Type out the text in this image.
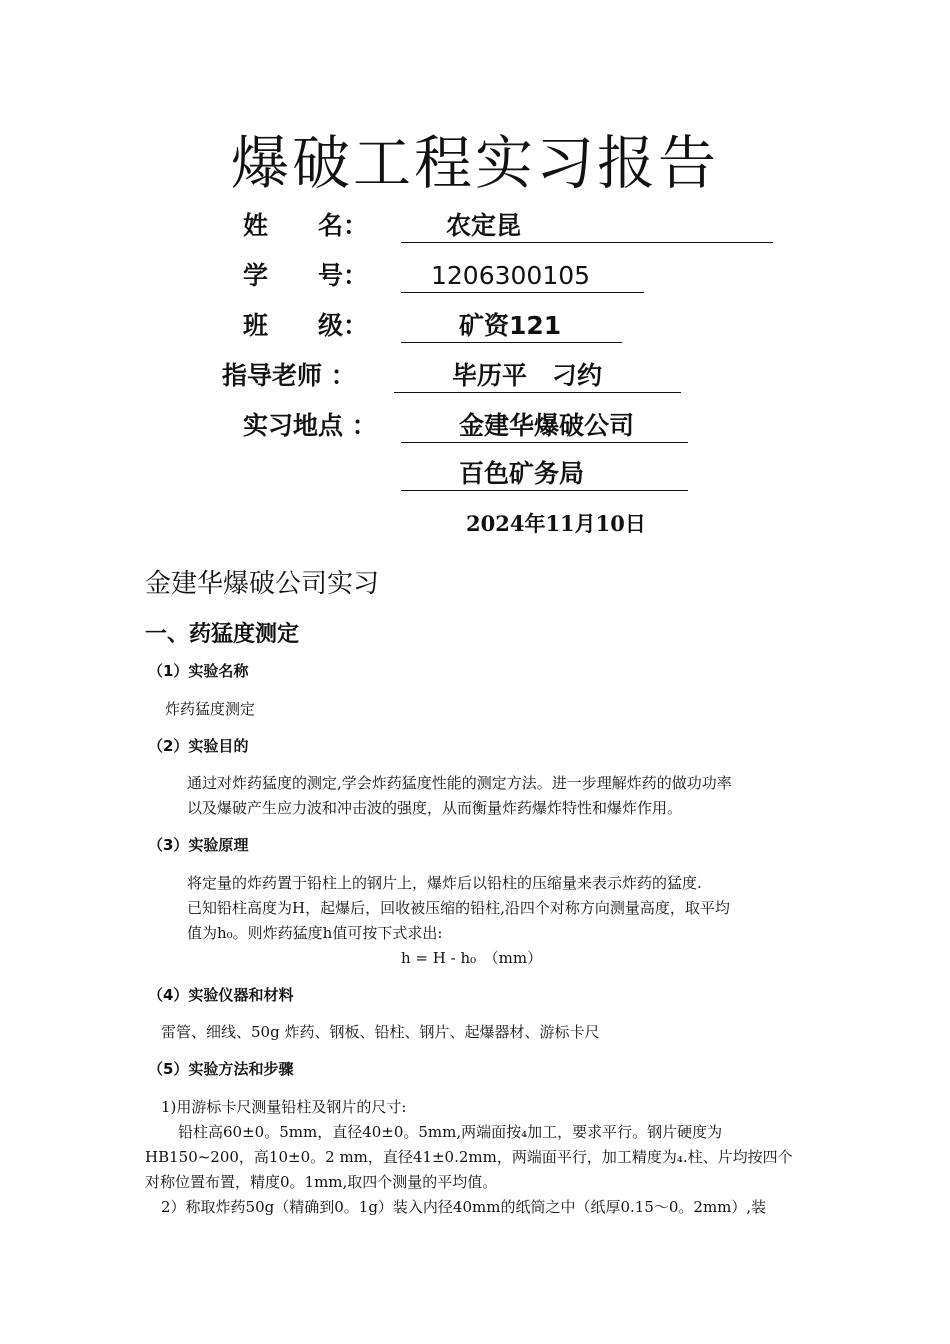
爆破工程实习报告
姓　　名：	农定昆
学　　号：	1206300105
班　　级：	矿资121
指导老师 ：	毕历平　刁约
实习地点 ：	金建华爆破公司
百色矿务局
2024年11月10日
金建华爆破公司实习
一、药猛度测定
（1）实验名称
炸药猛度测定
（2）实验目的
通过对炸药猛度的测定,学会炸药猛度性能的测定方法。进一步理解炸药的做功功率
以及爆破产生应力波和冲击波的强度，从而衡量炸药爆炸特性和爆炸作用。
（3）实验原理
将定量的炸药置于铅柱上的钢片上，爆炸后以铅柱的压缩量来表示炸药的猛度.
已知铅柱高度为H，起爆后，回收被压缩的铅柱,沿四个对称方向测量高度，取平均
值为h₀。则炸药猛度h值可按下式求出:
h = H - h₀　（mm）
（4）实验仪器和材料
雷管、细线、50g 炸药、钢板、铅柱、钢片、起爆器材、游标卡尺
（5）实验方法和步骤
1)用游标卡尺测量铅柱及钢片的尺寸:
铅柱高60±0。5mm，直径40±0。5mm,两端面按₄加工，要求平行。钢片硬度为
HB150~200，高10±0。2 mm，直径41±0.2mm，两端面平行，加工精度为₄.柱、片均按四个
对称位置布置，精度0。1mm,取四个测量的平均值。
2）称取炸药50g（精确到0。1g）装入内径40mm的纸筒之中（纸厚0.15～0。2mm）,装
